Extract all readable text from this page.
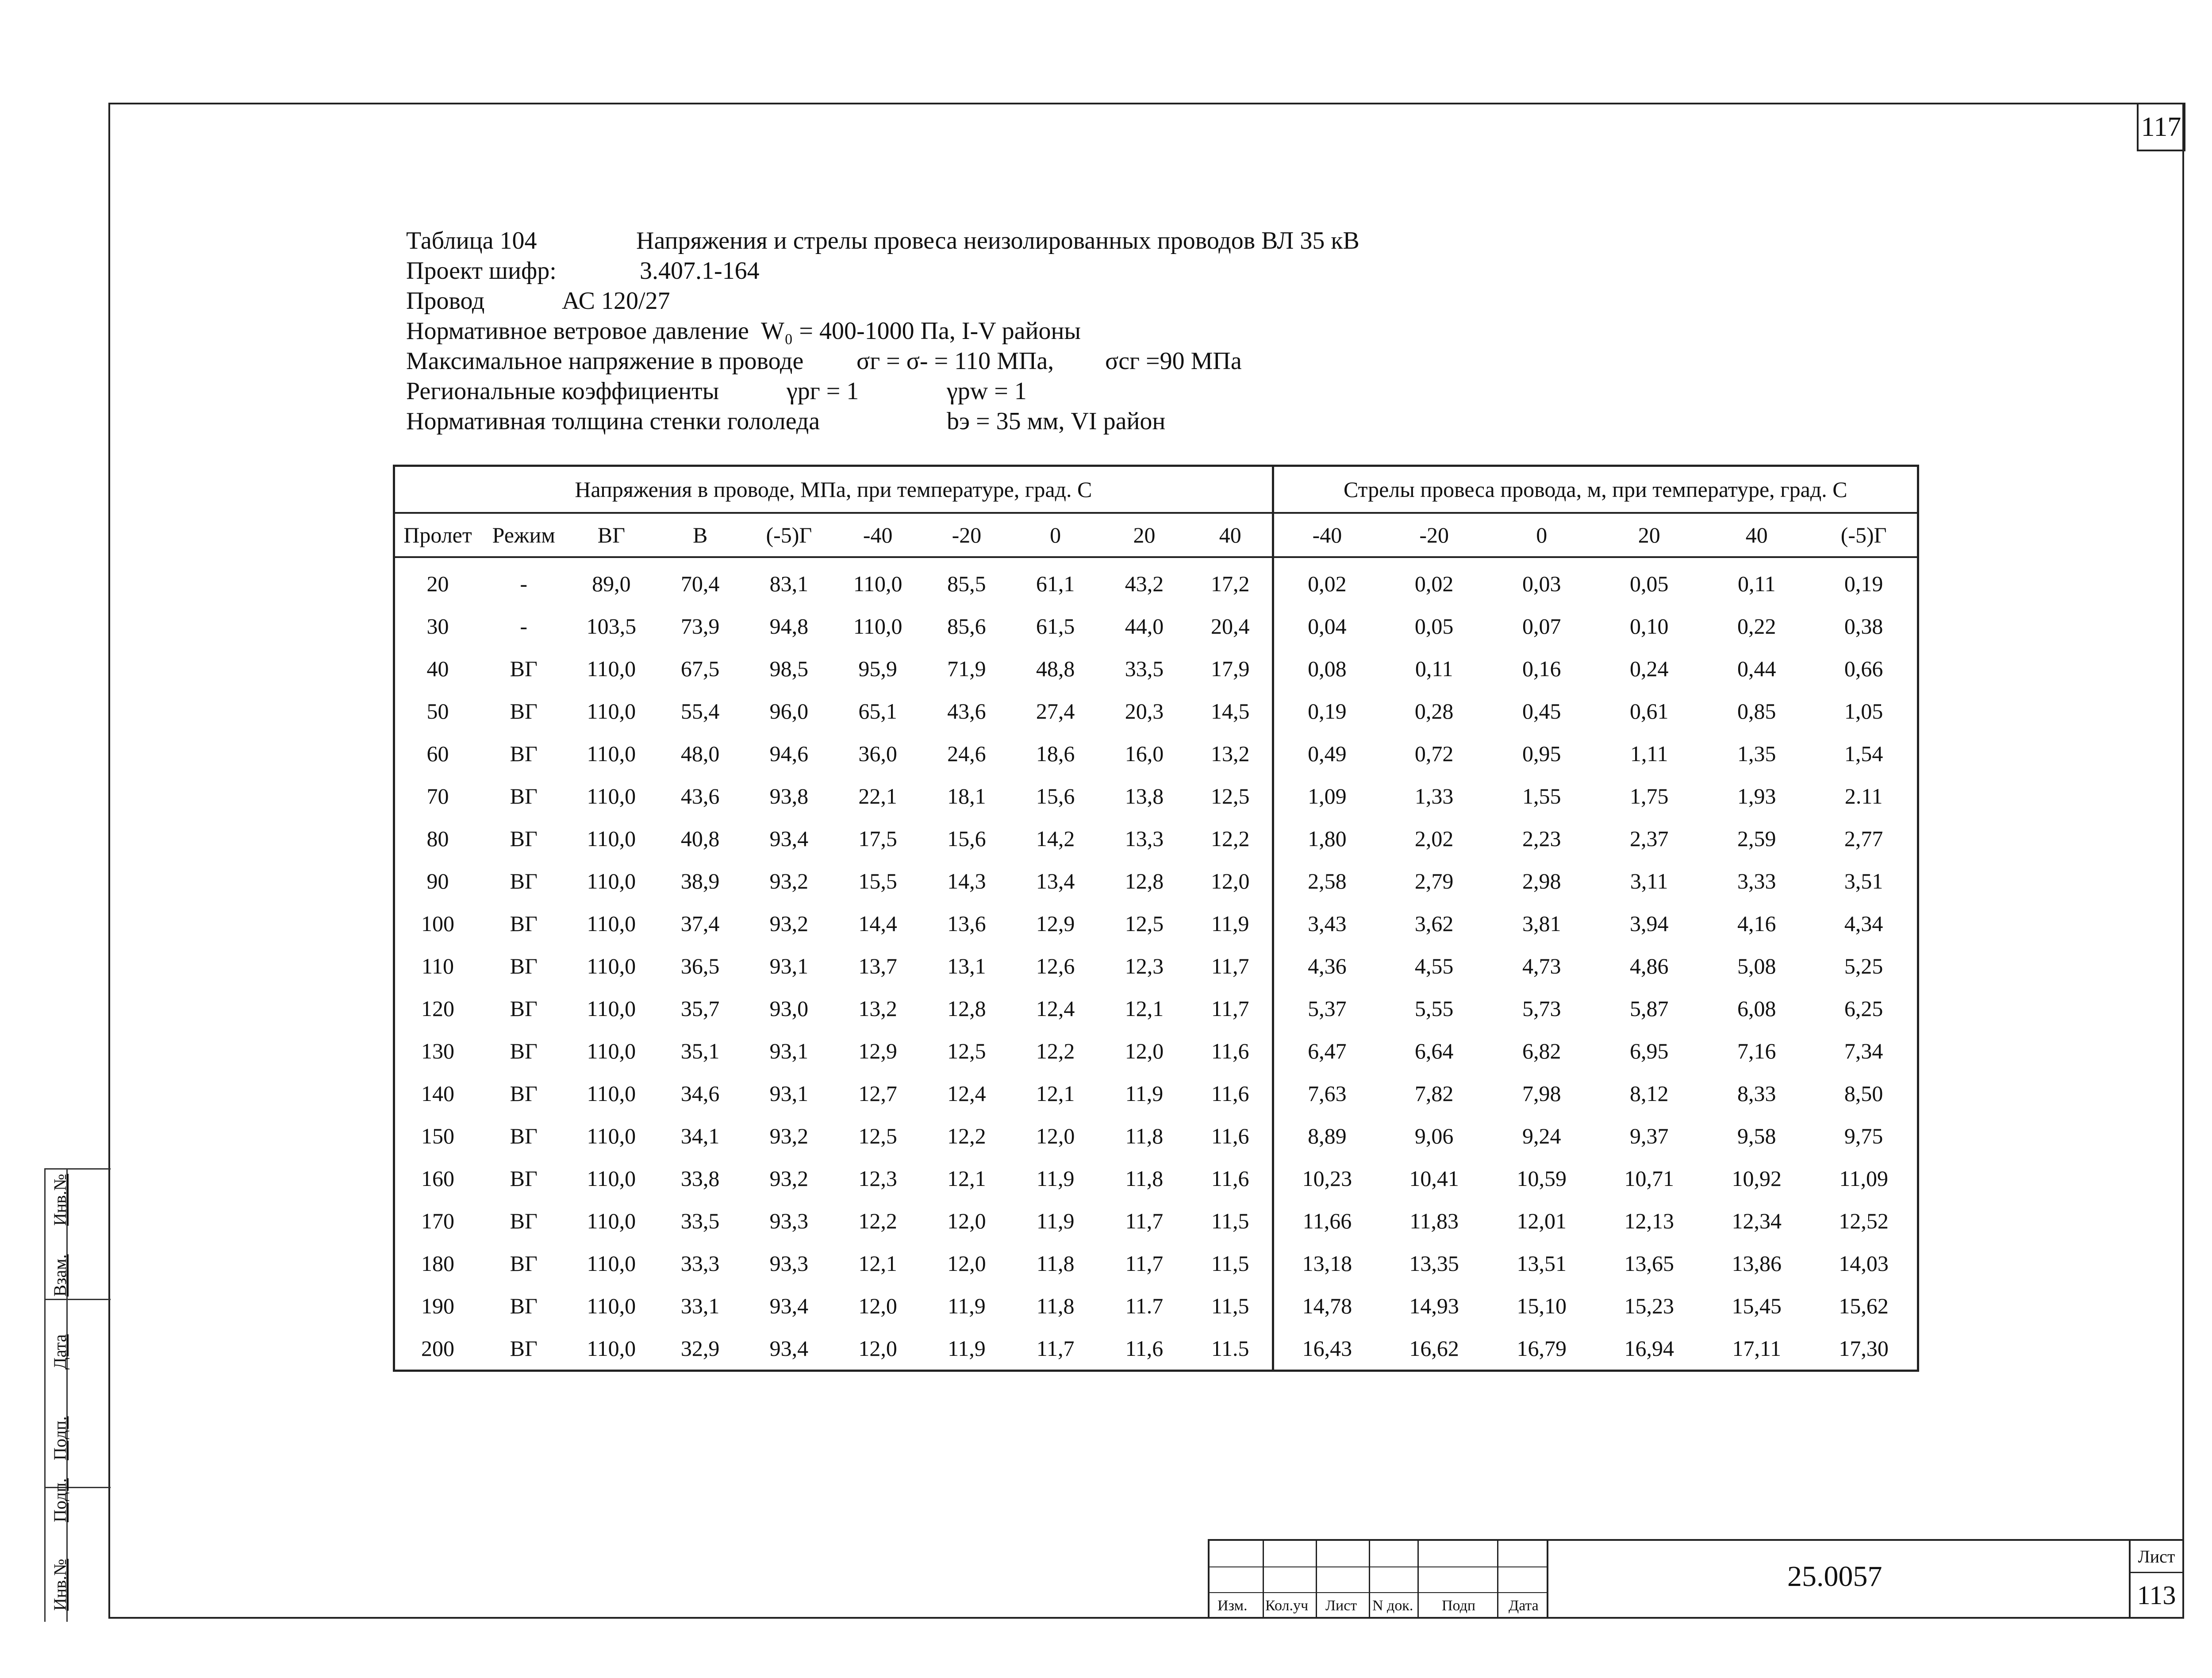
117
Таблица 104	Напряжения и стрелы провеса неизолированных проводов ВЛ 35 кВ
Проект шифр:	3.407.1-164
Провод	АС 120/27
Нормативное ветровое давление W₀ = 400-1000 Па, I-V районы
Максимальное напряжение в проводе σг = σ- = 110 МПа, σсг =90 МПа
Региональные коэффициенты	γрг = 1	γpw = 1
Нормативная толщина стенки гололеда	bэ = 35 мм, VI район
Напряжения в проводе, МПа, при температуре, град. С										Стрелы провеса провода, м, при температуре, град. С					
Пролет	Режим	ВГ	В	(-5)Г	-40	-20	0	20	40	-40	-20	0	20	40	(-5)Г
20	-	89,0	70,4	83,1	110,0	85,5	61,1	43,2	17,2	0,02	0,02	0,03	0,05	0,11	0,19
30	-	103,5	73,9	94,8	110,0	85,6	61,5	44,0	20,4	0,04	0,05	0,07	0,10	0,22	0,38
40	ВГ	110,0	67,5	98,5	95,9	71,9	48,8	33,5	17,9	0,08	0,11	0,16	0,24	0,44	0,66
50	ВГ	110,0	55,4	96,0	65,1	43,6	27,4	20,3	14,5	0,19	0,28	0,45	0,61	0,85	1,05
60	ВГ	110,0	48,0	94,6	36,0	24,6	18,6	16,0	13,2	0,49	0,72	0,95	1,11	1,35	1,54
70	ВГ	110,0	43,6	93,8	22,1	18,1	15,6	13,8	12,5	1,09	1,33	1,55	1,75	1,93	2.11
80	ВГ	110,0	40,8	93,4	17,5	15,6	14,2	13,3	12,2	1,80	2,02	2,23	2,37	2,59	2,77
90	ВГ	110,0	38,9	93,2	15,5	14,3	13,4	12,8	12,0	2,58	2,79	2,98	3,11	3,33	3,51
100	ВГ	110,0	37,4	93,2	14,4	13,6	12,9	12,5	11,9	3,43	3,62	3,81	3,94	4,16	4,34
110	ВГ	110,0	36,5	93,1	13,7	13,1	12,6	12,3	11,7	4,36	4,55	4,73	4,86	5,08	5,25
120	ВГ	110,0	35,7	93,0	13,2	12,8	12,4	12,1	11,7	5,37	5,55	5,73	5,87	6,08	6,25
130	ВГ	110,0	35,1	93,1	12,9	12,5	12,2	12,0	11,6	6,47	6,64	6,82	6,95	7,16	7,34
140	ВГ	110,0	34,6	93,1	12,7	12,4	12,1	11,9	11,6	7,63	7,82	7,98	8,12	8,33	8,50
150	ВГ	110,0	34,1	93,2	12,5	12,2	12,0	11,8	11,6	8,89	9,06	9,24	9,37	9,58	9,75
160	ВГ	110,0	33,8	93,2	12,3	12,1	11,9	11,8	11,6	10,23	10,41	10,59	10,71	10,92	11,09
170	ВГ	110,0	33,5	93,3	12,2	12,0	11,9	11,7	11,5	11,66	11,83	12,01	12,13	12,34	12,52
180	ВГ	110,0	33,3	93,3	12,1	12,0	11,8	11,7	11,5	13,18	13,35	13,51	13,65	13,86	14,03
190	ВГ	110,0	33,1	93,4	12,0	11,9	11,8	11.7	11,5	14,78	14,93	15,10	15,23	15,45	15,62
200	ВГ	110,0	32,9	93,4	12,0	11,9	11,7	11,6	11.5	16,43	16,62	16,79	16,94	17,11	17,30
Инв.№
Взам.
Дата
Подп.
Подп.
Инв.№	Изм. Кол.уч Лист N док. Подп Дата
25.0057
Лист
113
